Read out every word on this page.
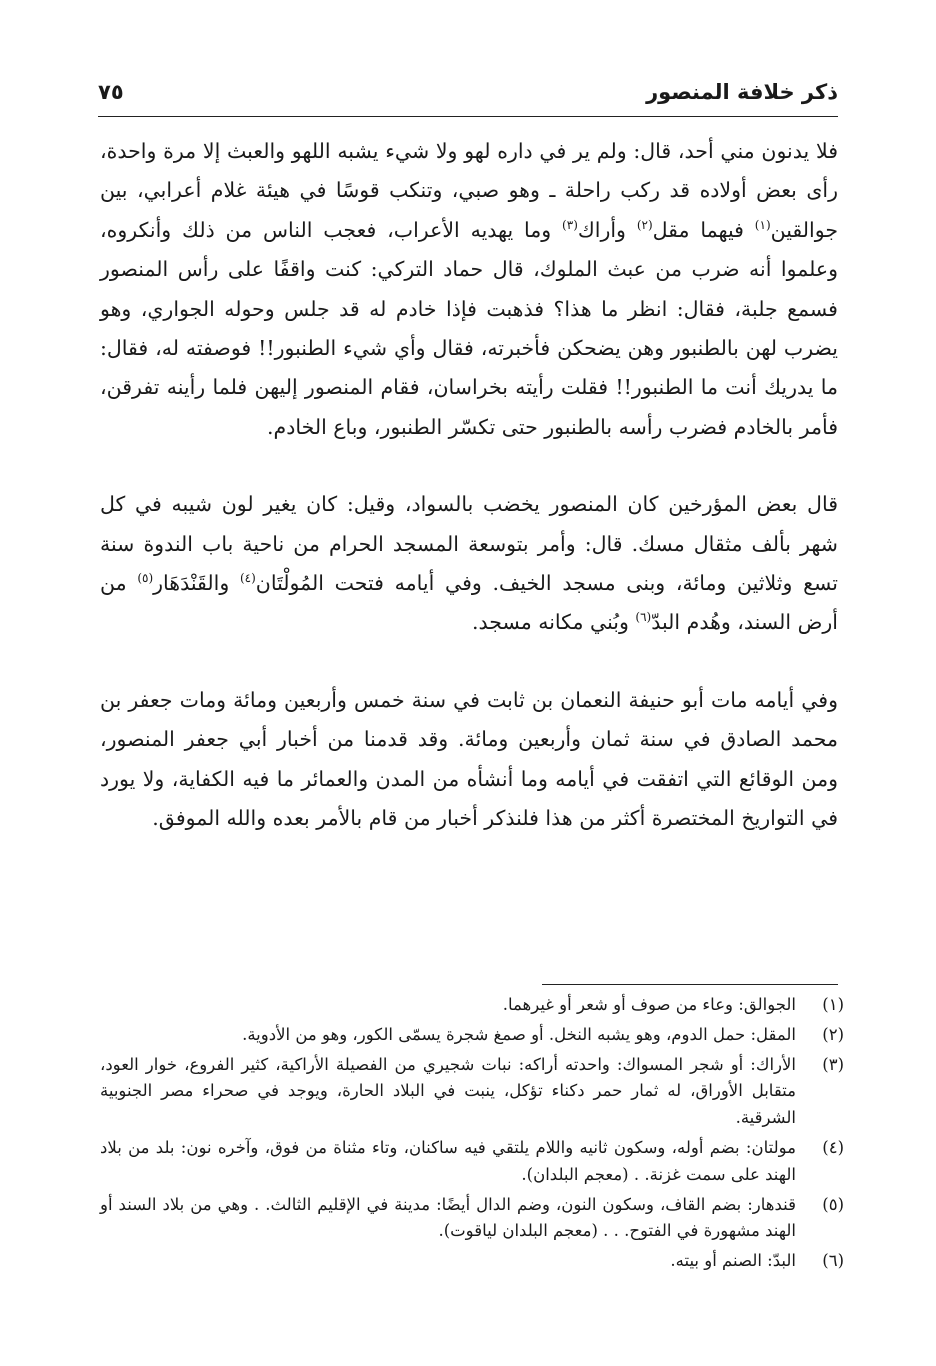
ذكر خلافة المنصور
٧٥

فلا يدنون مني أحد، قال: ولم ير في داره لهو ولا شيء يشبه اللهو والعبث إلا مرة واحدة، رأى بعض أولاده قد ركب راحلة ـ وهو صبي، وتنكب قوسًا في هيئة غلام أعرابي، بين جوالقين$^{(١)}$ فيهما مقل$^{(٢)}$ وأراك$^{(٣)}$ وما يهديه الأعراب، فعجب الناس من ذلك وأنكروه، وعلموا أنه ضرب من عبث الملوك، قال حماد التركي: كنت واقفًا على رأس المنصور فسمع جلبة، فقال: انظر ما هذا؟ فذهبت فإذا خادم له قد جلس وحوله الجواري، وهو يضرب لهن بالطنبور وهن يضحكن فأخبرته، فقال وأي شيء الطنبور!! فوصفته له، فقال: ما يدريك أنت ما الطنبور!! فقلت رأيته بخراسان، فقام المنصور إليهن فلما رأينه تفرقن، فأمر بالخادم فضرب رأسه بالطنبور حتى تكسّر الطنبور، وباع الخادم.

قال بعض المؤرخين كان المنصور يخضب بالسواد، وقيل: كان يغير لون شيبه في كل شهر بألف مثقال مسك. قال: وأمر بتوسعة المسجد الحرام من ناحية باب الندوة سنة تسع وثلاثين ومائة، وبنى مسجد الخيف. وفي أيامه فتحت المُولْتَان$^{(٤)}$ والقَنْدَهَار$^{(٥)}$ من أرض السند، وهُدم البدّ$^{(٦)}$ وبُني مكانه مسجد.

وفي أيامه مات أبو حنيفة النعمان بن ثابت في سنة خمس وأربعين ومائة ومات جعفر بن محمد الصادق في سنة ثمان وأربعين ومائة. وقد قدمنا من أخبار أبي جعفر المنصور، ومن الوقائع التي اتفقت في أيامه وما أنشأه من المدن والعمائر ما فيه الكفاية، ولا يورد في التواريخ المختصرة أكثر من هذا فلنذكر أخبار من قام بالأمر بعده والله الموفق.

(١)
الجوالق: وعاء من صوف أو شعر أو غيرهما.
(٢)
المقل: حمل الدوم، وهو يشبه النخل. أو صمغ شجرة يسمّى الكور، وهو من الأدوية.
(٣)
الأراك: أو شجر المسواك: واحدته أراكه: نبات شجيري من الفصيلة الأراكية، كثير الفروع، خوار العود، متقابل الأوراق، له ثمار حمر دكناء تؤكل، ينبت في البلاد الحارة، ويوجد في صحراء مصر الجنوبية الشرقية.
(٤)
مولتان: بضم أوله، وسكون ثانيه واللام يلتقي فيه ساكنان، وتاء مثناة من فوق، وآخره نون: بلد من بلاد الهند على سمت غزنة. . (معجم البلدان).
(٥)
قندهار: بضم القاف، وسكون النون، وضم الدال أيضًا: مدينة في الإقليم الثالث. . وهي من بلاد السند أو الهند مشهورة في الفتوح. . . (معجم البلدان لياقوت).
(٦)
البدّ: الصنم أو بيته.
